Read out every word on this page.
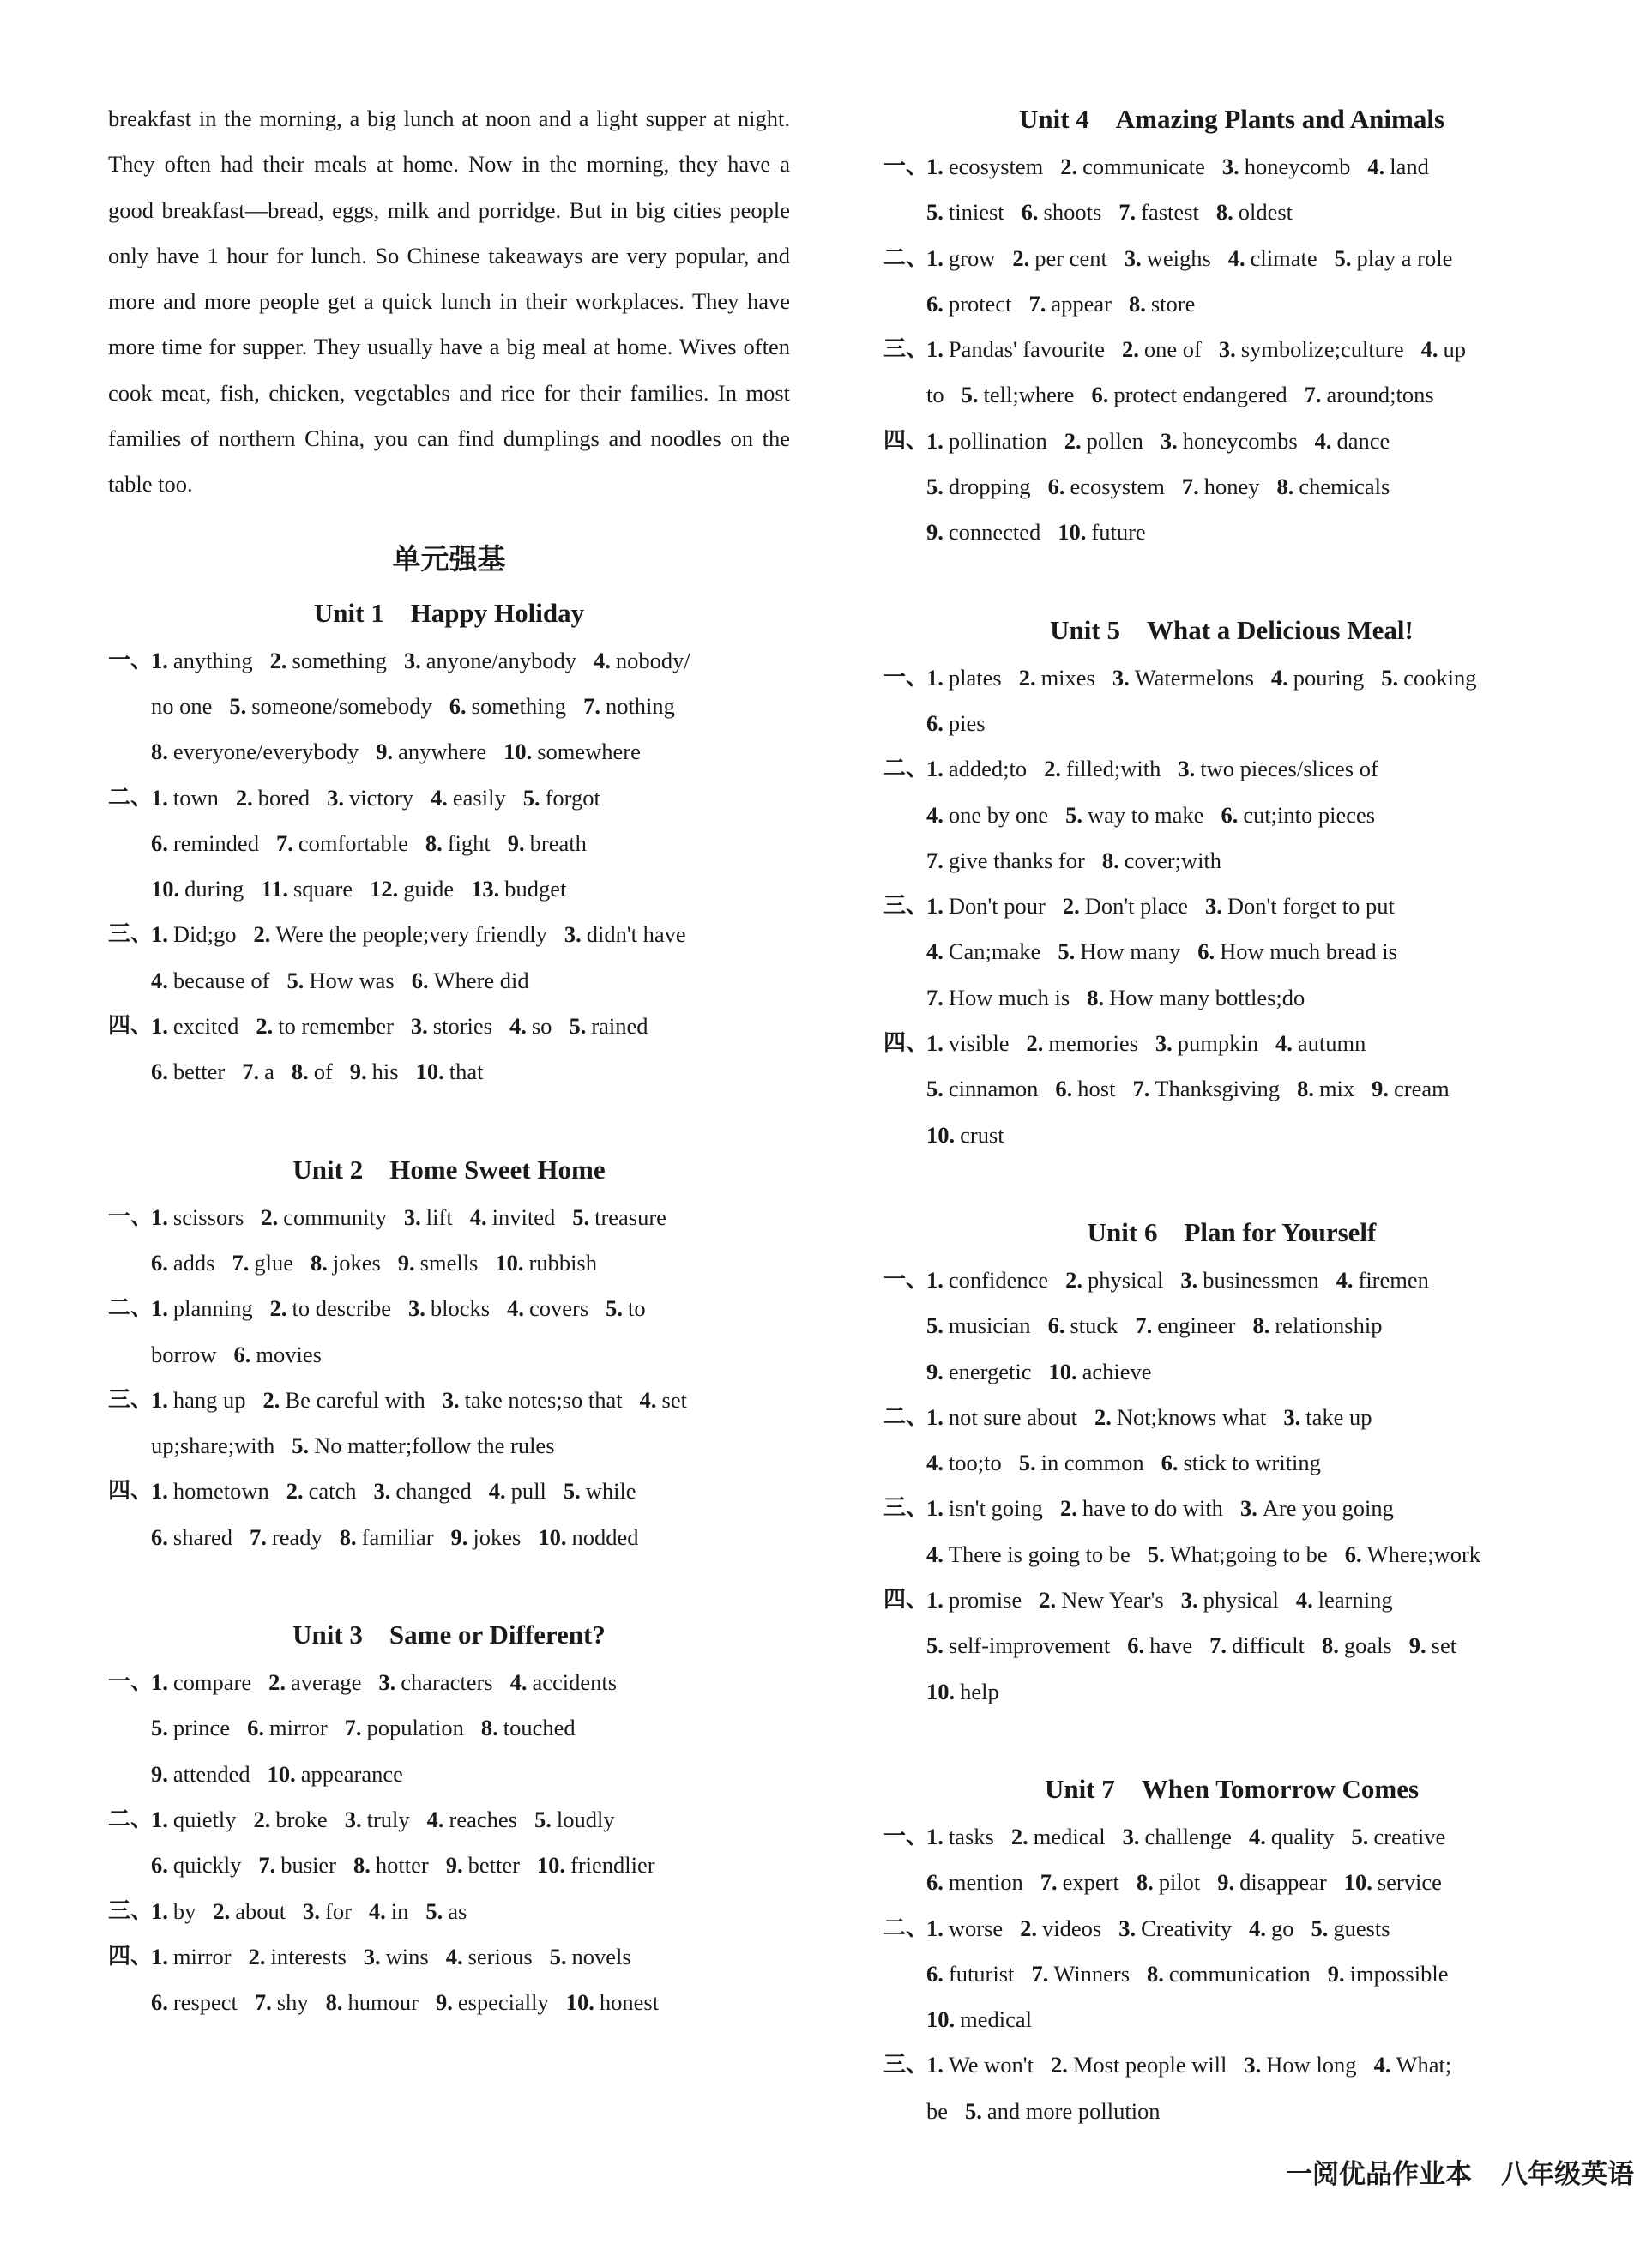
breakfast in the morning, a big lunch at noon and a light supper at night. They often had their meals at home. Now in the morning, they have a good breakfast—bread, eggs, milk and porridge. But in big cities people only have 1 hour for lunch. So Chinese takeaways are very popular, and more and more people get a quick lunch in their workplaces. They have more time for supper. They usually have a big meal at home. Wives often cook meat, fish, chicken, vegetables and rice for their families. In most families of northern China, you can find dumplings and noodles on the table too.

单元强基
Unit 1　Happy Holiday
一、
1. anything 2. something 3. anyone/anybody 4. nobody/
no one 5. someone/somebody 6. something 7. nothing
8. everyone/everybody 9. anywhere 10. somewhere
二、
1. town 2. bored 3. victory 4. easily 5. forgot
6. reminded 7. comfortable 8. fight 9. breath
10. during 11. square 12. guide 13. budget
三、
1. Did;go 2. Were the people;very friendly 3. didn't have
4. because of 5. How was 6. Where did
四、
1. excited 2. to remember 3. stories 4. so 5. rained
6. better 7. a 8. of 9. his 10. that
Unit 2　Home Sweet Home
一、
1. scissors 2. community 3. lift 4. invited 5. treasure
6. adds 7. glue 8. jokes 9. smells 10. rubbish
二、
1. planning 2. to describe 3. blocks 4. covers 5. to
borrow 6. movies
三、
1. hang up 2. Be careful with 3. take notes;so that 4. set
up;share;with 5. No matter;follow the rules
四、
1. hometown 2. catch 3. changed 4. pull 5. while
6. shared 7. ready 8. familiar 9. jokes 10. nodded
Unit 3　Same or Different?
一、
1. compare 2. average 3. characters 4. accidents
5. prince 6. mirror 7. population 8. touched
9. attended 10. appearance
二、
1. quietly 2. broke 3. truly 4. reaches 5. loudly
6. quickly 7. busier 8. hotter 9. better 10. friendlier
三、
1. by 2. about 3. for 4. in 5. as
四、
1. mirror 2. interests 3. wins 4. serious 5. novels
6. respect 7. shy 8. humour 9. especially 10. honest
Unit 4　Amazing Plants and Animals
一、
1. ecosystem 2. communicate 3. honeycomb 4. land
5. tiniest 6. shoots 7. fastest 8. oldest
二、
1. grow 2. per cent 3. weighs 4. climate 5. play a role
6. protect 7. appear 8. store
三、
1. Pandas' favourite 2. one of 3. symbolize;culture 4. up
to 5. tell;where 6. protect endangered 7. around;tons
四、
1. pollination 2. pollen 3. honeycombs 4. dance
5. dropping 6. ecosystem 7. honey 8. chemicals
9. connected 10. future
Unit 5　What a Delicious Meal!
一、
1. plates 2. mixes 3. Watermelons 4. pouring 5. cooking
6. pies
二、
1. added;to 2. filled;with 3. two pieces/slices of
4. one by one 5. way to make 6. cut;into pieces
7. give thanks for 8. cover;with
三、
1. Don't pour 2. Don't place 3. Don't forget to put
4. Can;make 5. How many 6. How much bread is
7. How much is 8. How many bottles;do
四、
1. visible 2. memories 3. pumpkin 4. autumn
5. cinnamon 6. host 7. Thanksgiving 8. mix 9. cream
10. crust
Unit 6　Plan for Yourself
一、
1. confidence 2. physical 3. businessmen 4. firemen
5. musician 6. stuck 7. engineer 8. relationship
9. energetic 10. achieve
二、
1. not sure about 2. Not;knows what 3. take up
4. too;to 5. in common 6. stick to writing
三、
1. isn't going 2. have to do with 3. Are you going
4. There is going to be 5. What;going to be 6. Where;work
四、
1. promise 2. New Year's 3. physical 4. learning
5. self-improvement 6. have 7. difficult 8. goals 9. set
10. help
Unit 7　When Tomorrow Comes
一、
1. tasks 2. medical 3. challenge 4. quality 5. creative
6. mention 7. expert 8. pilot 9. disappear 10. service
二、
1. worse 2. videos 3. Creativity 4. go 5. guests
6. futurist 7. Winners 8. communication 9. impossible
10. medical
三、
1. We won't 2. Most people will 3. How long 4. What;
be 5. and more pollution
一阅优品作业本 八年级英语
